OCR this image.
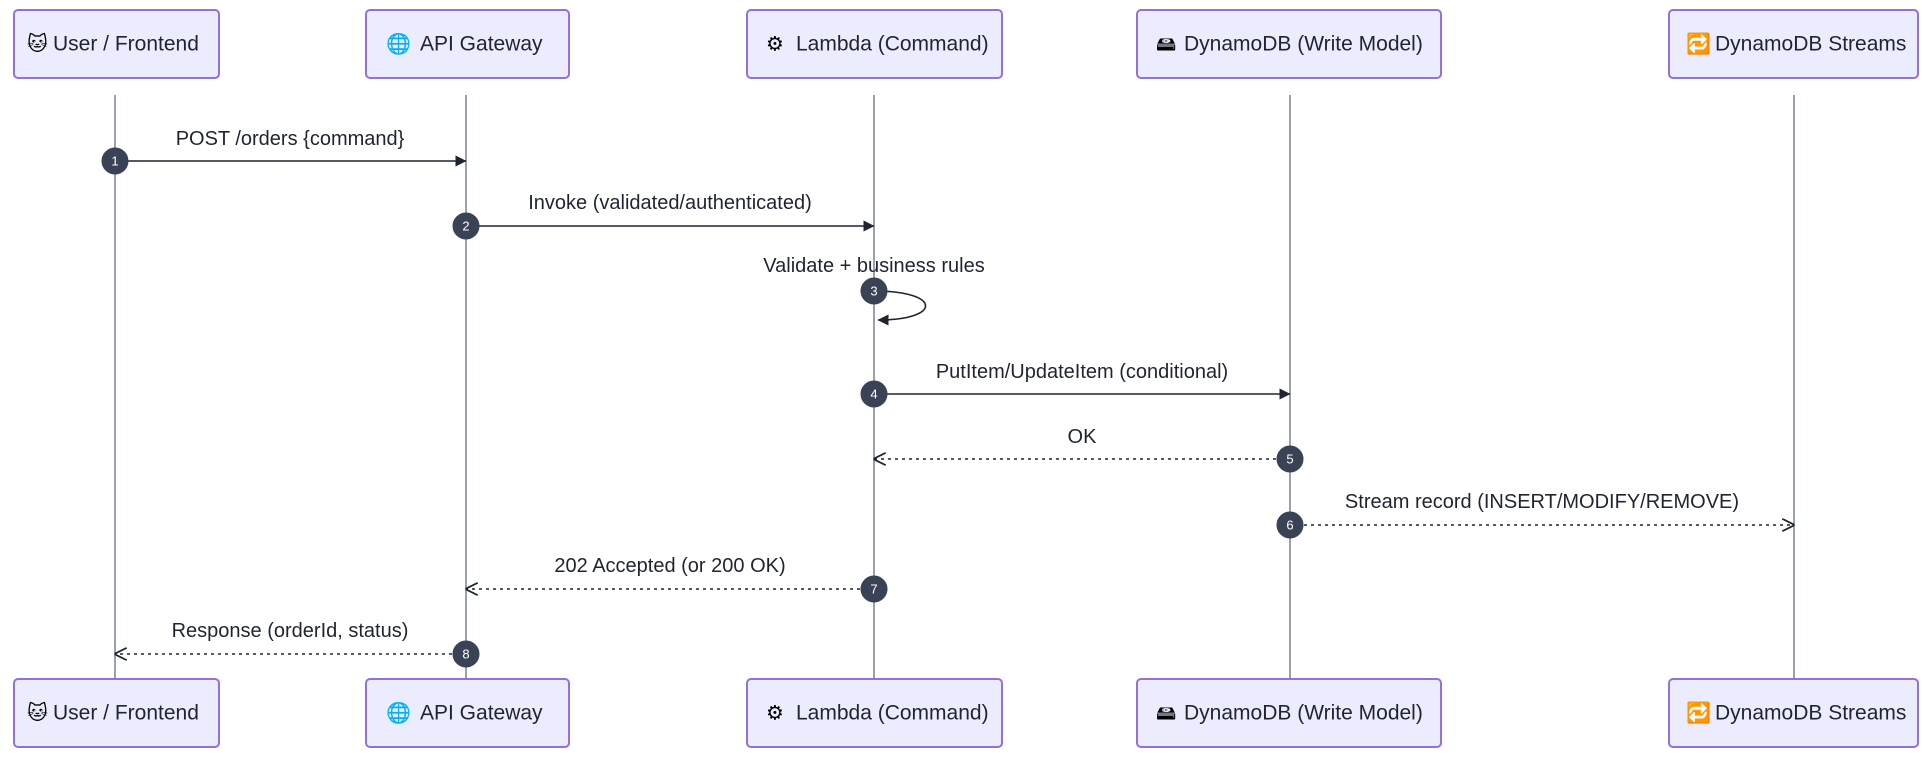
🐱 User / Frontend	🌐 API Gateway	⚙ Lambda (Command)	🖴 DynamoDB (Write Model)	🔁 DynamoDB Streams
POST /orders {command}
1
Invoke (validated/authenticated)
2
Validate + business rules
3
PutItem/UpdateItem (conditional)
4
OK
5
Stream record (INSERT/MODIFY/REMOVE)
6
202 Accepted (or 200 OK)
7
Response (orderId, status)
8
🐱 User / Frontend	🌐 API Gateway	⚙ Lambda (Command)	🖴 DynamoDB (Write Model)	🔁 DynamoDB Streams
